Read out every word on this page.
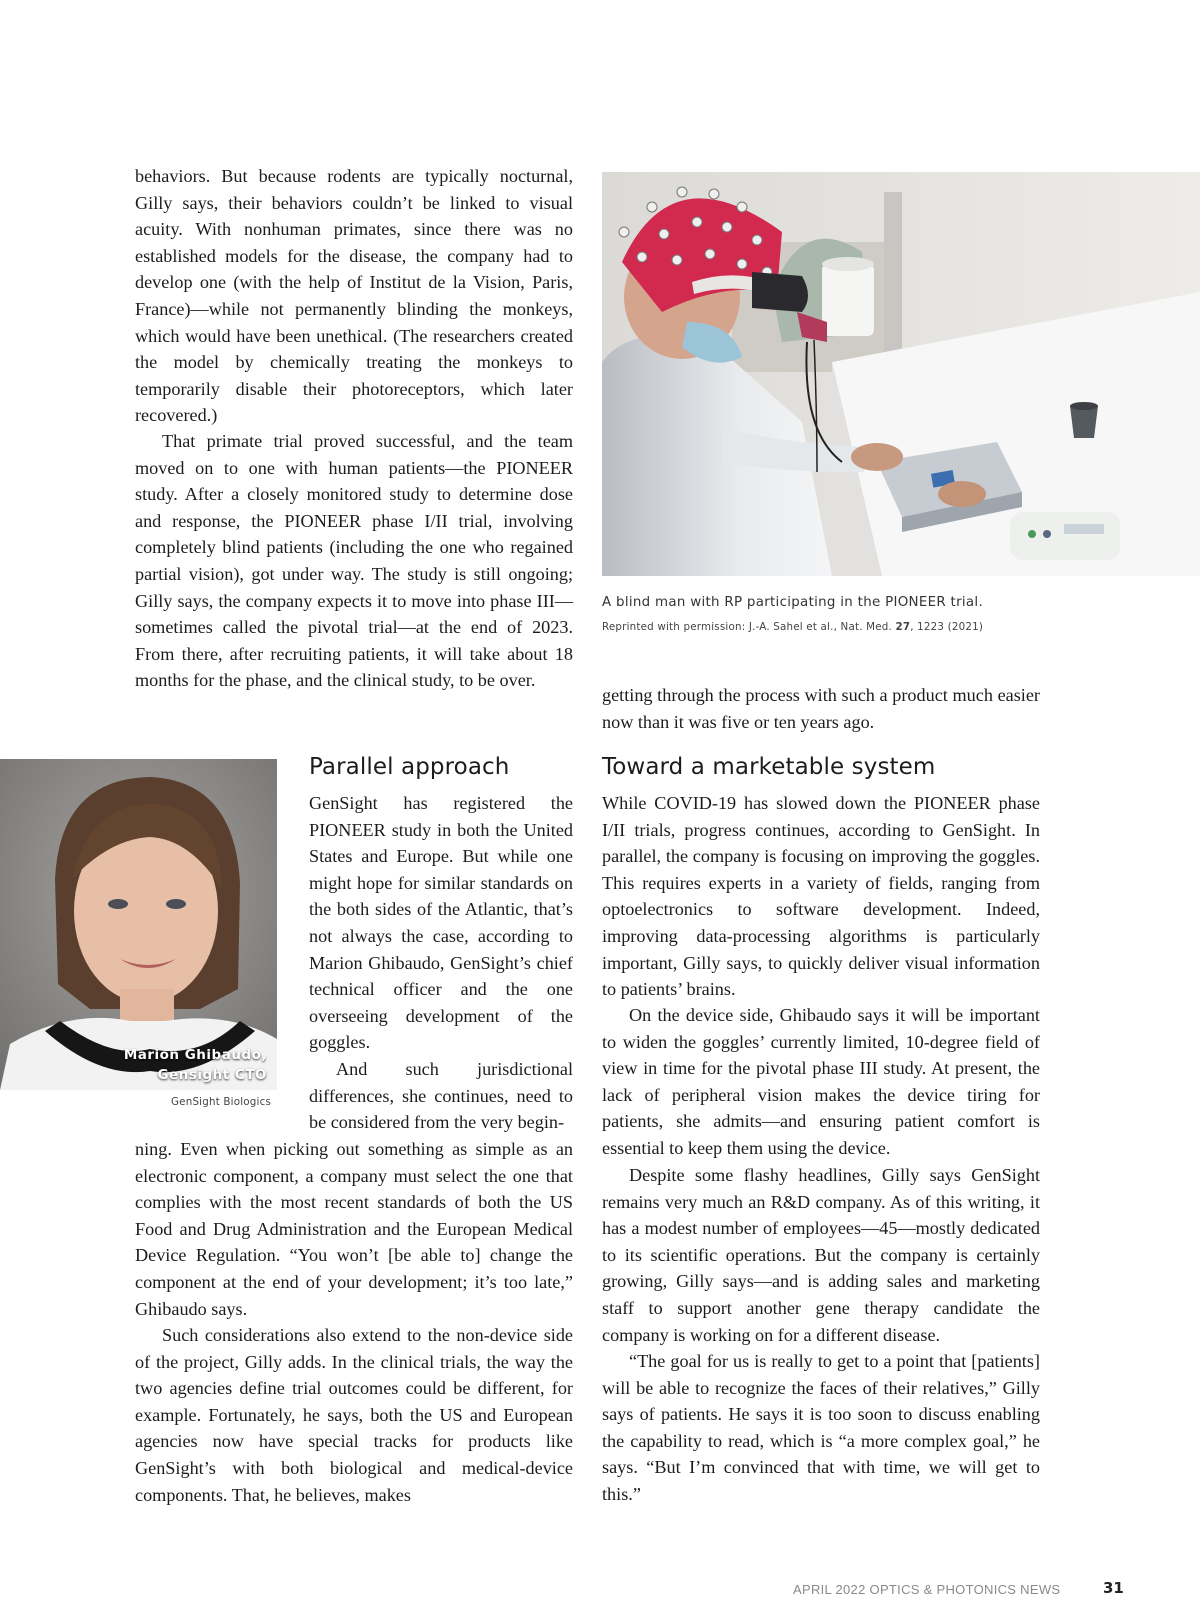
behaviors. But because rodents are typically nocturnal, Gilly says, their behaviors couldn’t be linked to visual acuity. With nonhuman primates, since there was no established models for the disease, the company had to develop one (with the help of Institut de la Vision, Paris, France)—while not permanently blinding the monkeys, which would have been unethical. (The researchers created the model by chemically treating the monkeys to temporarily disable their photoreceptors, which later recovered.)

That primate trial proved successful, and the team moved on to one with human patients—the PIONEER study. After a closely monitored study to determine dose and response, the PIONEER phase I/II trial, involving completely blind patients (including the one who regained partial vision), got under way. The study is still ongoing; Gilly says, the company expects it to move into phase III—sometimes called the pivotal trial—at the end of 2023. From there, after recruiting patients, it will take about 18 months for the phase, and the clinical study, to be over.

A blind man with RP participating in the PIONEER trial.

Reprinted with permission: J.-A. Sahel et al., Nat. Med. 27, 1223 (2021)

getting through the process with such a product much easier now than it was five or ten years ago.

Marion Ghibaudo,
Gensight CTO

GenSight Biologics

Parallel approach

GenSight has registered the PIONEER study in both the United States and Europe. But while one might hope for similar standards on the both sides of the Atlantic, that’s not always the case, according to Marion Ghibaudo, GenSight’s chief technical officer and the one overseeing development of the goggles.

And such jurisdictional differences, she continues, need to be considered from the very begin-

ning. Even when picking out something as simple as an electronic component, a company must select the one that complies with the most recent standards of both the US Food and Drug Administration and the European Medical Device Regulation. “You won’t [be able to] change the component at the end of your development; it’s too late,” Ghibaudo says.

Such considerations also extend to the non-device side of the project, Gilly adds. In the clinical trials, the way the two agencies define trial outcomes could be different, for example. Fortunately, he says, both the US and European agencies now have special tracks for products like GenSight’s with both biological and medical-device components. That, he believes, makes

Toward a marketable system

While COVID-19 has slowed down the PIONEER phase I/II trials, progress continues, according to GenSight. In parallel, the company is focusing on improving the goggles. This requires experts in a variety of fields, ranging from optoelectronics to software development. Indeed, improving data-processing algorithms is particularly important, Gilly says, to quickly deliver visual information to patients’ brains.

On the device side, Ghibaudo says it will be important to widen the goggles’ currently limited, 10-degree field of view in time for the pivotal phase III study. At present, the lack of peripheral vision makes the device tiring for patients, she admits—and ensuring patient comfort is essential to keep them using the device.

Despite some flashy headlines, Gilly says GenSight remains very much an R&D company. As of this writing, it has a modest number of employees—45—mostly dedicated to its scientific operations. But the company is certainly growing, Gilly says—and is adding sales and marketing staff to support another gene therapy candidate the company is working on for a different disease.

“The goal for us is really to get to a point that [patients] will be able to recognize the faces of their relatives,” Gilly says of patients. He says it is too soon to discuss enabling the capability to read, which is “a more complex goal,” he says. “But I’m convinced that with time, we will get to this.”

APRIL 2022 OPTICS & PHOTONICS NEWS	31
